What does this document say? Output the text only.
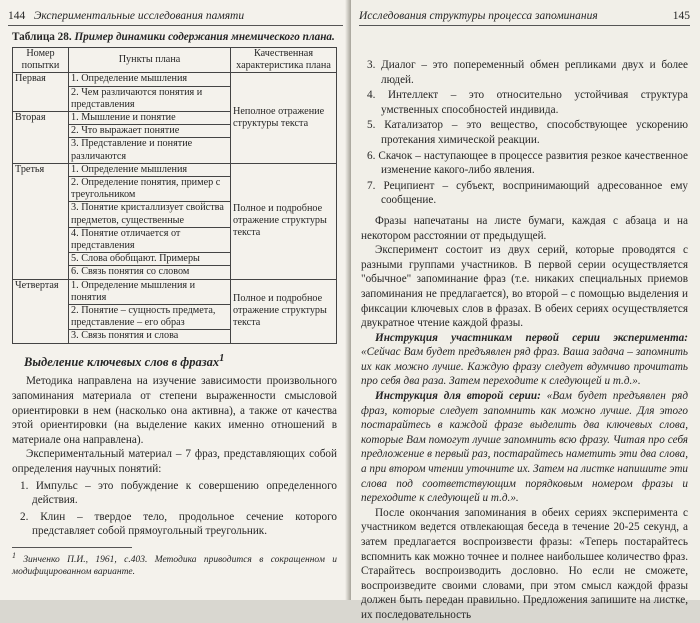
144 Экспериментальные исследования памяти
Таблица 28. Пример динамики содержания мнемического плана.
Номер попытки	Пункты плана	Качественная характеристика плана
Первая	1. Определение мышления	Неполное отражение структуры текста
	2. Чем различаются понятия и представления	
Вторая	1. Мышление и понятие	
	2. Что выражает понятие	
	3. Представление и понятие различаются	
Третья	1. Определение мышления	Полное и подробное отражение структуры текста
	2. Определение понятия, пример с треугольником	
	3. Понятие кристаллизует свойства предметов, существенные	
	4. Понятие отличается от представления	
	5. Слова обобщают. Примеры	
	6. Связь понятия со словом	
Четвертая	1. Определение мышления и понятия	Полное и подробное отражение структуры текста
	2. Понятие – сущность предмета, представление – его образ	
	3. Связь понятия и слова	
Выделение ключевых слов в фразах$^1$

Методика направлена на изучение зависимости произвольного запоминания материала от степени выраженности смысловой ориентировки в нем (насколько она активна), а также от качества этой ориентировки (на выделение каких именно отношений в материале она направлена).

Экспериментальный материал – 7 фраз, представляющих собой определения научных понятий:

1. Импульс – это побуждение к совершению определенного действия.
2. Клин – твердое тело, продольное сечение которого представляет собой прямоугольный треугольник.
$^1$ Зинченко П.И., 1961, с.403. Методика приводится в сокращенном и модифицированном варианте.
Исследования структуры процесса запоминания	145
3. Диалог – это попеременный обмен репликами двух и более людей.
4. Интеллект – это относительно устойчивая структура умственных способностей индивида.
5. Катализатор – это вещество, способствующее ускорению протекания химической реакции.
6. Скачок – наступающее в процессе развития резкое качественное изменение какого-либо явления.
7. Реципиент – субъект, воспринимающий адресованное ему сообщение.

Фразы напечатаны на листе бумаги, каждая с абзаца и на некотором расстоянии от предыдущей.

Эксперимент состоит из двух серий, которые проводятся с разными группами участников. В первой серии осуществляется "обычное" запоминание фраз (т.е. никаких специальных приемов запоминания не предлагается), во второй – с помощью выделения и фиксации ключевых слов в фразах. В обеих сериях осуществляется двукратное чтение каждой фразы.

Инструкция участникам первой серии эксперимента: «Сейчас Вам будет предъявлен ряд фраз. Ваша задача – запомнить их как можно лучше. Каждую фразу следует вдумчиво прочитать про себя два раза. Затем переходите к следующей и т.д.».

Инструкция для второй серии: «Вам будет предъявлен ряд фраз, которые следует запомнить как можно лучше. Для этого постарайтесь в каждой фразе выделить два ключевых слова, которые Вам помогут лучше запомнить всю фразу. Читая про себя предложение в первый раз, постарайтесь наметить эти два слова, а при втором чтении уточните их. Затем на листке напишите эти слова под соответствующим порядковым номером фразы и переходите к следующей и т.д.».

После окончания запоминания в обеих сериях эксперимента с участником ведется отвлекающая беседа в течение 20-25 секунд, а затем предлагается воспроизвести фразы: «Теперь постарайтесь вспомнить как можно точнее и полнее наибольшее количество фраз. Старайтесь воспроизводить дословно. Но если не сможете, воспроизведите своими словами, при этом смысл каждой фразы должен быть передан правильно. Предложения запишите на листке, их последовательность
